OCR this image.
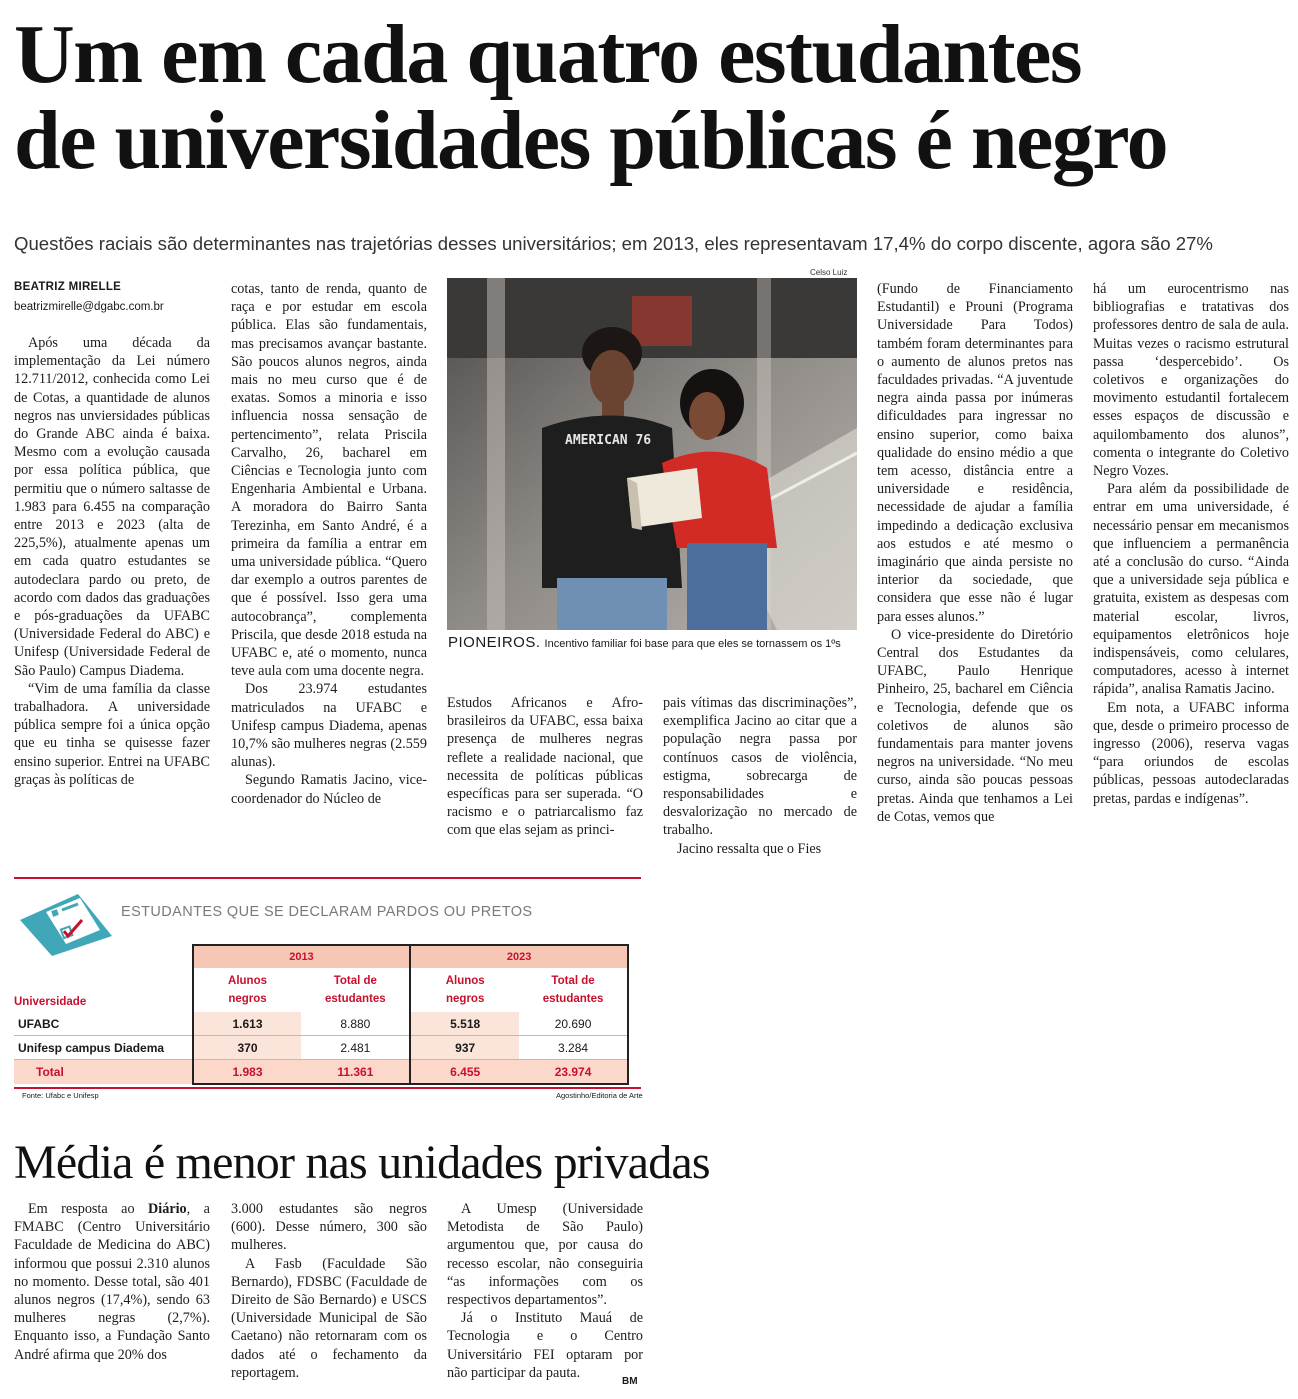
Um em cada quatro estudantes
de universidades públicas é negro
Questões raciais são determinantes nas trajetórias desses universitários; em 2013, eles representavam 17,4% do corpo discente, agora são 27%
BEATRIZ MIRELLE
beatrizmirelle@dgabc.com.br

Após uma década da implementação da Lei número 12.711/2012, conhecida como Lei de Cotas, a quantidade de alunos negros nas unviersidades públicas do Grande ABC ainda é baixa. Mesmo com a evolução causada por essa política pública, que permitiu que o número saltasse de 1.983 para 6.455 na comparação entre 2013 e 2023 (alta de 225,5%), atualmente apenas um em cada quatro estudantes se autodeclara pardo ou preto, de acordo com dados das graduações e pós-graduações da UFABC (Universidade Federal do ABC) e Unifesp (Universidade Federal de São Paulo) Campus Diadema.

“Vim de uma família da classe trabalhadora. A universidade pública sempre foi a única opção que eu tinha se quisesse fazer ensino superior. Entrei na UFABC graças às políticas de

cotas, tanto de renda, quanto de raça e por estudar em escola pública. Elas são fundamentais, mas precisamos avançar bastante. São poucos alunos negros, ainda mais no meu curso que é de exatas. Somos a minoria e isso influencia nossa sensação de pertencimento”, relata Priscila Carvalho, 26, bacharel em Ciências e Tecnologia junto com Engenharia Ambiental e Urbana. A moradora do Bairro Santa Terezinha, em Santo André, é a primeira da família a entrar em uma universidade pública. “Quero dar exemplo a outros parentes de que é possível. Isso gera uma autocobrança”, complementa Priscila, que desde 2018 estuda na UFABC e, até o momento, nunca teve aula com uma docente negra.

Dos 23.974 estudantes matriculados na UFABC e Unifesp campus Diadema, apenas 10,7% são mulheres negras (2.559 alunas).

Segundo Ramatis Jacino, vice-coordenador do Núcleo de

Celso Luiz
AMERICAN 76
PIONEIROS. Incentivo familiar foi base para que eles se tornassem os 1ºs

Estudos Africanos e Afro-brasileiros da UFABC, essa baixa presença de mulheres negras reflete a realidade nacional, que necessita de políticas públicas específicas para ser superada. “O racismo e o patriarcalismo faz com que elas sejam as princi-

pais vítimas das discriminações”, exemplifica Jacino ao citar que a população negra passa por contínuos casos de violência, estigma, sobrecarga de responsabilidades e desvalorização no mercado de trabalho.

Jacino ressalta que o Fies

(Fundo de Financiamento Estudantil) e Prouni (Programa Universidade Para Todos) também foram determinantes para o aumento de alunos pretos nas faculdades privadas. “A juventude negra ainda passa por inúmeras dificuldades para ingressar no ensino superior, como baixa qualidade do ensino médio a que tem acesso, distância entre a universidade e residência, necessidade de ajudar a família impedindo a dedicação exclusiva aos estudos e até mesmo o imaginário que ainda persiste no interior da sociedade, que considera que esse não é lugar para esses alunos.”

O vice-presidente do Diretório Central dos Estudantes da UFABC, Paulo Henrique Pinheiro, 25, bacharel em Ciência e Tecnologia, defende que os coletivos de alunos são fundamentais para manter jovens negros na universidade. “No meu curso, ainda são poucas pessoas pretas. Ainda que tenhamos a Lei de Cotas, vemos que

há um eurocentrismo nas bibliografias e tratativas dos professores dentro de sala de aula. Muitas vezes o racismo estrutural passa ‘despercebido’. Os coletivos e organizações do movimento estudantil fortalecem esses espaços de discussão e aquilombamento dos alunos”, comenta o integrante do Coletivo Negro Vozes.

Para além da possibilidade de entrar em uma universidade, é necessário pensar em mecanismos que influenciem a permanência até a conclusão do curso. “Ainda que a universidade seja pública e gratuita, existem as despesas com material escolar, livros, equipamentos eletrônicos hoje indispensáveis, como celulares, computadores, acesso à internet rápida”, analisa Ramatis Jacino.

Em nota, a UFABC informa que, desde o primeiro processo de ingresso (2006), reserva vagas “para oriundos de escolas públicas, pessoas autodeclaradas pretas, pardas e indígenas”.

ESTUDANTES QUE SE DECLARAM PARDOS OU PRETOS
	2013		2023	
Universidade	Alunos negros	Total de estudantes	Alunos negros	Total de estudantes

UFABC	1.613	8.880	5.518	20.690
Unifesp campus Diadema	370	2.481	937	3.284
Total	1.983	11.361	6.455	23.974
Fonte: Ufabc e Unifesp	Agostinho/Editoria de Arte
Média é menor nas unidades privadas

Em resposta ao Diário, a FMABC (Centro Universitário Faculdade de Medicina do ABC) informou que possui 2.310 alunos no momento. Desse total, são 401 alunos negros (17,4%), sendo 63 mulheres negras (2,7%). Enquanto isso, a Fundação Santo André afirma que 20% dos

3.000 estudantes são negros (600). Desse número, 300 são mulheres.

A Fasb (Faculdade São Bernardo), FDSBC (Faculdade de Direito de São Bernardo) e USCS (Universidade Municipal de São Caetano) não retornaram com os dados até o fechamento da reportagem.

A Umesp (Universidade Metodista de São Paulo) argumentou que, por causa do recesso escolar, não conseguiria “as informações com os respectivos departamentos”.

Já o Instituto Mauá de Tecnologia e o Centro Universitário FEI optaram por não participar da pauta.

BM
